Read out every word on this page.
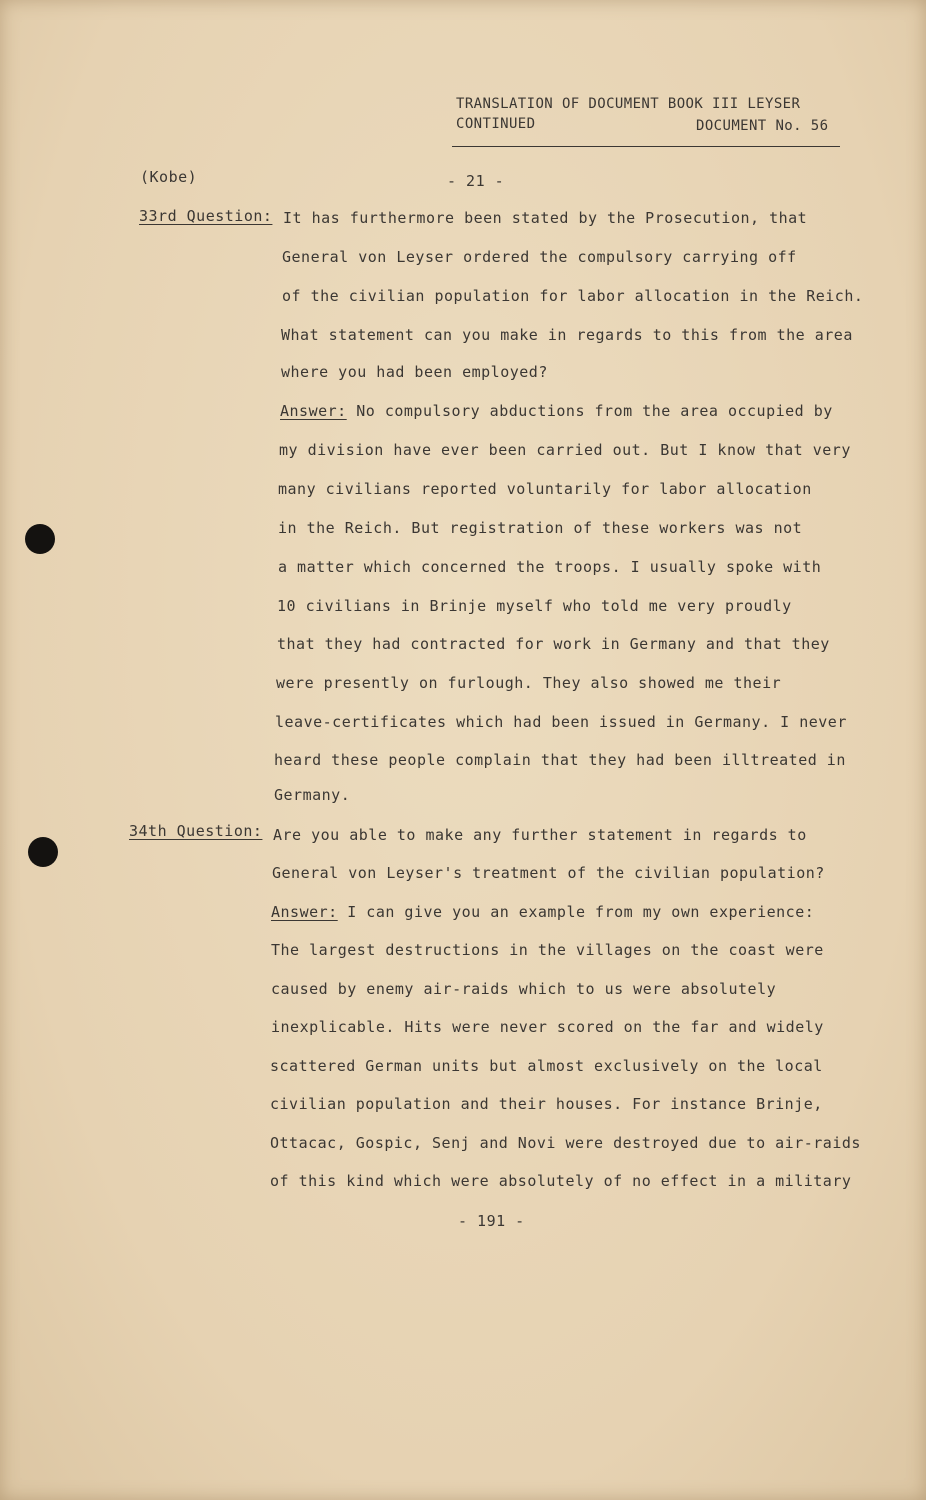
TRANSLATION OF DOCUMENT BOOK III LEYSER
CONTINUED	DOCUMENT No. 56
(Kobe)	- 21 -
33rd Question: It has furthermore been stated by the Prosecution, that
General von Leyser ordered the compulsory carrying off
of the civilian population for labor allocation in the Reich.
What statement can you make in regards to this from the area
where you had been employed?
Answer: No compulsory abductions from the area occupied by
my division have ever been carried out. But I know that very
many civilians reported voluntarily for labor allocation
in the Reich. But registration of these workers was not
a matter which concerned the troops. I usually spoke with
10 civilians in Brinje myself who told me very proudly
that they had contracted for work in Germany and that they
were presently on furlough. They also showed me their
leave-certificates which had been issued in Germany. I never
heard these people complain that they had been illtreated in
Germany.
34th Question: Are you able to make any further statement in regards to
General von Leyser's treatment of the civilian population?
Answer: I can give you an example from my own experience:
The largest destructions in the villages on the coast were
caused by enemy air-raids which to us were absolutely
inexplicable. Hits were never scored on the far and widely
scattered German units but almost exclusively on the local
civilian population and their houses. For instance Brinje,
Ottacac, Gospic, Senj and Novi were destroyed due to air-raids
of this kind which were absolutely of no effect in a military
- 191 -
